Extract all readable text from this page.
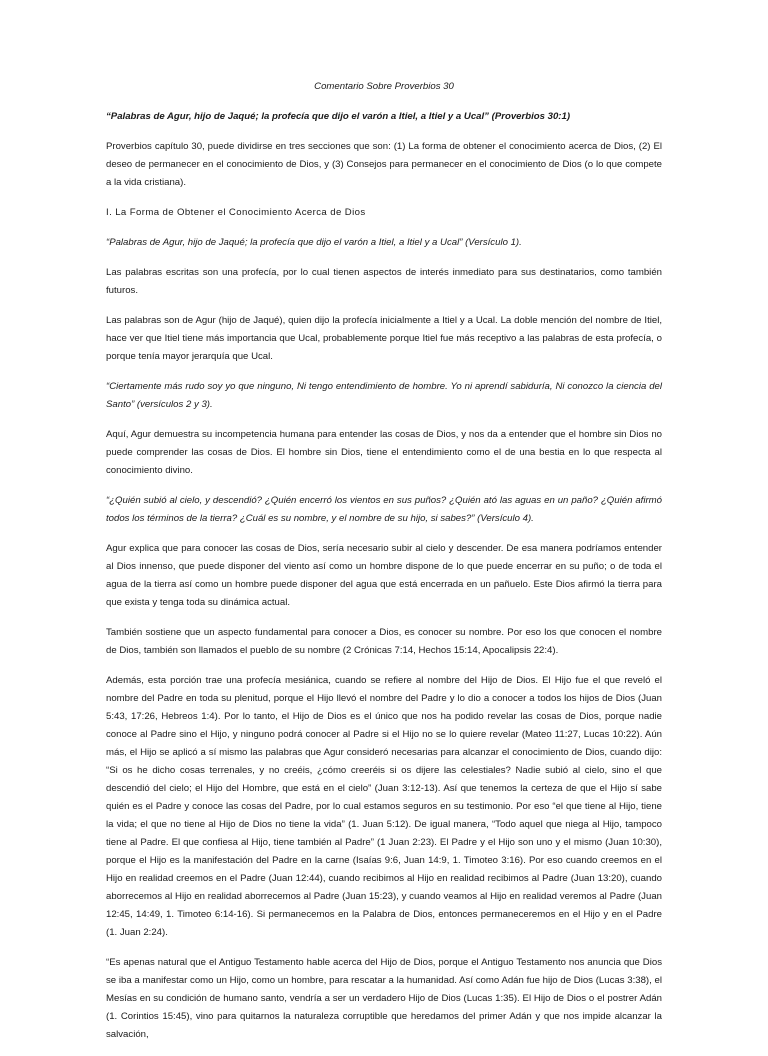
Comentario Sobre Proverbios 30
“Palabras de Agur, hijo de Jaqué; la profecía que dijo el varón a Itiel, a Itiel y a Ucal” (Proverbios 30:1)

Proverbios capítulo 30, puede dividirse en tres secciones que son: (1) La forma de obtener el conocimiento acerca de Dios, (2) El deseo de permanecer en el conocimiento de Dios, y (3) Consejos para permanecer en el conocimiento de Dios (o lo que compete a la vida cristiana).

I. La Forma de Obtener el Conocimiento Acerca de Dios

“Palabras de Agur, hijo de Jaqué; la profecía que dijo el varón a Itiel, a Itiel y a Ucal” (Versículo 1).

Las palabras escritas son una profecía, por lo cual tienen aspectos de interés inmediato para sus destinatarios, como también futuros.

Las palabras son de Agur (hijo de Jaqué), quien dijo la profecía inicialmente a Itiel y a Ucal. La doble mención del nombre de Itiel, hace ver que Itiel tiene más importancia que Ucal, probablemente porque Itiel fue más receptivo a las palabras de esta profecía, o porque tenía mayor jerarquía que Ucal.

“Ciertamente más rudo soy yo que ninguno, Ni tengo entendimiento de hombre. Yo ni aprendí sabiduría, Ni conozco la ciencia del Santo” (versículos 2 y 3).

Aquí, Agur demuestra su incompetencia humana para entender las cosas de Dios, y nos da a entender que el hombre sin Dios no puede comprender las cosas de Dios. El hombre sin Dios, tiene el entendimiento como el de una bestia en lo que respecta al conocimiento divino.

“¿Quién subió al cielo, y descendió? ¿Quién encerró los vientos en sus puños? ¿Quién ató las aguas en un paño? ¿Quién afirmó todos los términos de la tierra? ¿Cuál es su nombre, y el nombre de su hijo, si sabes?” (Versículo 4).

Agur explica que para conocer las cosas de Dios, sería necesario subir al cielo y descender. De esa manera podríamos entender al Dios innenso, que puede disponer del viento así como un hombre dispone de lo que puede encerrar en su puño; o de toda el agua de la tierra así como un hombre puede disponer del agua que está encerrada en un pañuelo. Este Dios afirmó la tierra para que exista y tenga toda su dinámica actual.

También sostiene que un aspecto fundamental para conocer a Dios, es conocer su nombre. Por eso los que conocen el nombre de Dios, también son llamados el pueblo de su nombre (2 Crónicas 7:14, Hechos 15:14, Apocalipsis 22:4).

Además, esta porción trae una profecía mesiánica, cuando se refiere al nombre del Hijo de Dios. El Hijo fue el que reveló el nombre del Padre en toda su plenitud, porque el Hijo llevó el nombre del Padre y lo dio a conocer a todos los hijos de Dios (Juan 5:43, 17:26, Hebreos 1:4). Por lo tanto, el Hijo de Dios es el único que nos ha podido revelar las cosas de Dios, porque nadie conoce al Padre sino el Hijo, y ninguno podrá conocer al Padre si el Hijo no se lo quiere revelar (Mateo 11:27, Lucas 10:22). Aún más, el Hijo se aplicó a sí mismo las palabras que Agur consideró necesarias para alcanzar el conocimiento de Dios, cuando dijo: “Si os he dicho cosas terrenales, y no creéis, ¿cómo creeréis si os dijere las celestiales? Nadie subió al cielo, sino el que descendió del cielo; el Hijo del Hombre, que está en el cielo” (Juan 3:12-13). Así que tenemos la certeza de que el Hijo sí sabe quién es el Padre y conoce las cosas del Padre, por lo cual estamos seguros en su testimonio. Por eso “el que tiene al Hijo, tiene la vida; el que no tiene al Hijo de Dios no tiene la vida” (1. Juan 5:12). De igual manera, “Todo aquel que niega al Hijo, tampoco tiene al Padre. El que confiesa al Hijo, tiene también al Padre” (1 Juan 2:23). El Padre y el Hijo son uno y el mismo (Juan 10:30), porque el Hijo es la manifestación del Padre en la carne (Isaías 9:6, Juan 14:9, 1. Timoteo 3:16). Por eso cuando creemos en el Hijo en realidad creemos en el Padre (Juan 12:44), cuando recibimos al Hijo en realidad recibimos al Padre (Juan 13:20), cuando aborrecemos al Hijo en realidad aborrecemos al Padre (Juan 15:23), y cuando veamos al Hijo en realidad veremos al Padre (Juan 12:45, 14:49, 1. Timoteo 6:14-16). Si permanecemos en la Palabra de Dios, entonces permaneceremos en el Hijo y en el Padre (1. Juan 2:24).

“Es apenas natural que el Antiguo Testamento hable acerca del Hijo de Dios, porque el Antiguo Testamento nos anuncia que Dios se iba a manifestar como un Hijo, como un hombre, para rescatar a la humanidad. Así como Adán fue hijo de Dios (Lucas 3:38), el Mesías en su condición de humano santo, vendría a ser un verdadero Hijo de Dios (Lucas 1:35). El Hijo de Dios o el postrer Adán (1. Corintios 15:45), vino para quitarnos la naturaleza corruptible que heredamos del primer Adán y que nos impide alcanzar la salvación,
